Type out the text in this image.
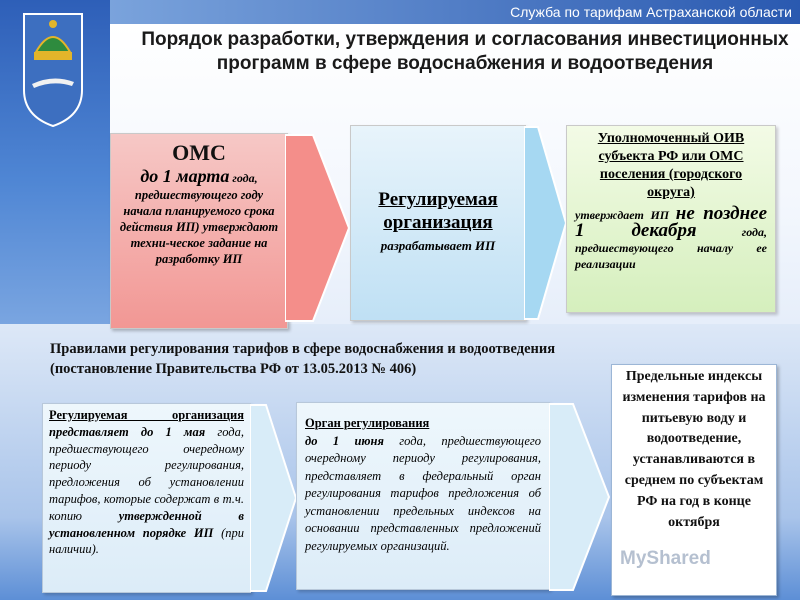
Служба по тарифам Астраханской области
Порядок разработки, утверждения и согласования инвестиционных программ в сфере водоснабжения и водоотведения
ОМС
до 1 марта года,
предшествующего году начала планируемого срока действия ИП) утверждают техни-ческое задание на разработку ИП
Регулируемая организация
разрабатывает ИП
Уполномоченный ОИВ субъекта РФ или ОМС поселения (городского округа)
утверждает ИП не позднее 1 декабря	года, предшествующего началу ее реализации
Правилами регулирования тарифов в сфере водоснабжения и водоотведения
(постановление Правительства РФ от 13.05.2013 № 406)
Регулируемая организация представляет до 1 мая года, предшествующего очередному периоду регулирования, предложения об установлении тарифов, которые содержат в т.ч. копию утвержденной в установленном порядке ИП (при наличии).
Орган регулирования
до 1 июня года, предшествующего очередному периоду регулирования, представляет в федеральный орган регулирования тарифов предложения об установлении предельных индексов на основании представленных предложений регулируемых организаций.
Предельные индексы изменения тарифов на питьевую воду и водоотведение, устанавливаются в среднем по субъектам РФ на год в конце октября
MyShared
